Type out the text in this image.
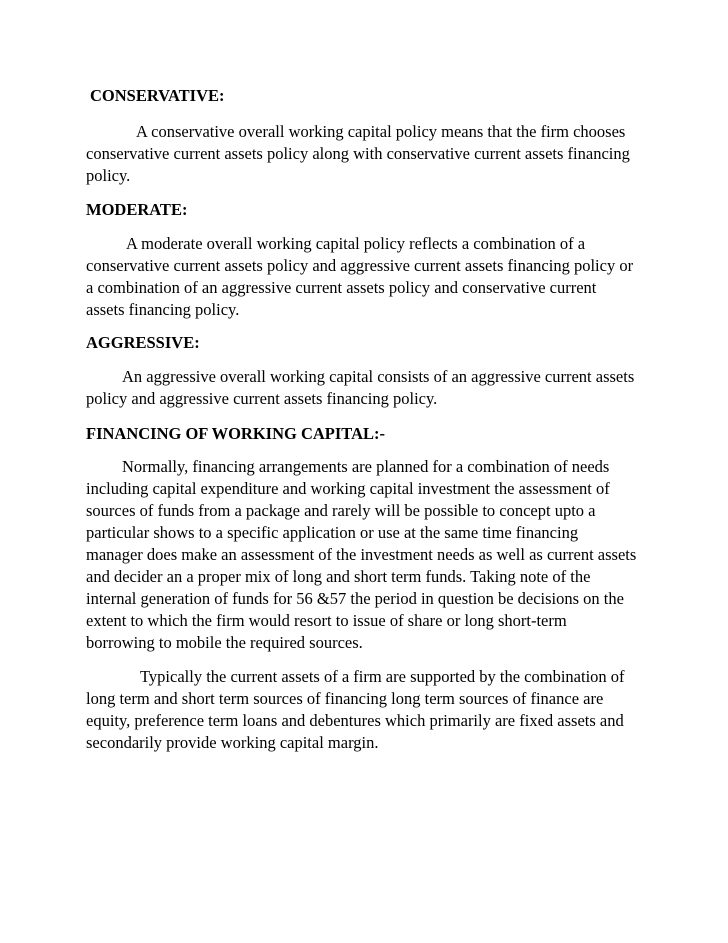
CONSERVATIVE:
A conservative overall working capital policy means that the firm chooses
conservative current assets policy along with conservative current assets financing
policy.
MODERATE:
A moderate overall working capital policy reflects a combination of a
conservative current assets policy and aggressive current assets financing policy or
a combination of an aggressive current assets policy and conservative current
assets financing policy.
AGGRESSIVE:
An aggressive overall working capital consists of an aggressive current assets
policy and aggressive current assets financing policy.
FINANCING OF WORKING CAPITAL:-
Normally, financing arrangements are planned for a combination of needs
including capital expenditure and working capital investment the assessment of
sources of funds from a package and rarely will be possible to concept upto a
particular shows to a specific application or use at the same time financing
manager does make an assessment of the investment needs as well as current assets
and decider an a proper mix of long and short term funds. Taking note of the
internal generation of funds for 56 &57 the period in question be decisions on the
extent to which the firm would resort to issue of share or long short-term
borrowing to mobile the required sources.
Typically the current assets of a firm are supported by the combination of
long term and short term sources of financing long term sources of finance are
equity, preference term loans and debentures which primarily are fixed assets and
secondarily provide working capital margin.
